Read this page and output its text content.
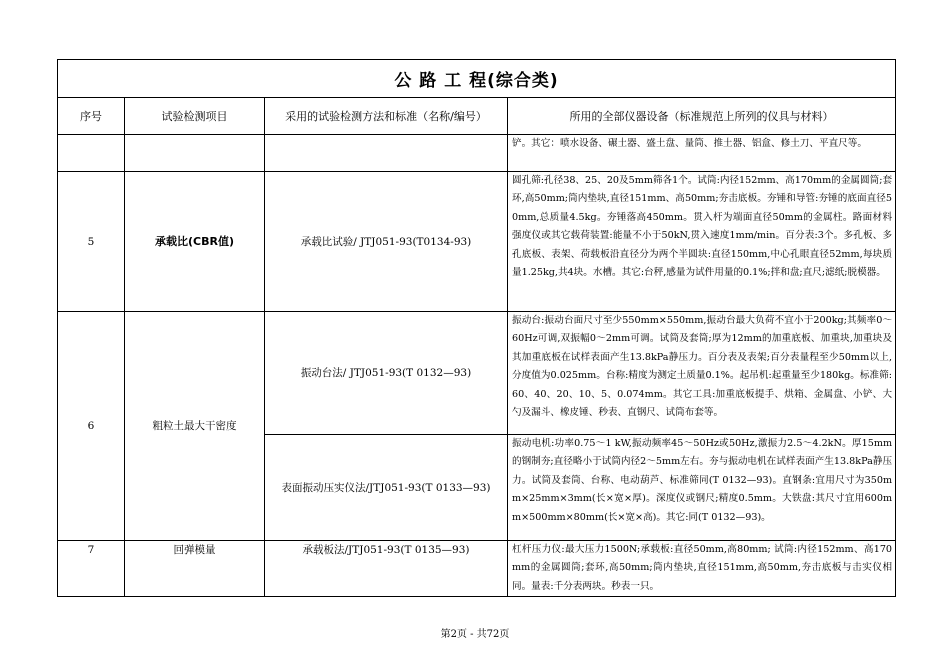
公 路 工 程(综合类)			
序号	试验检测项目	采用的试验检测方法和标准（名称/编号）	所用的全部仪器设备（标准规范上所列的仪具与材料）
			铲。其它：喷水设备、碾土器、盛土盘、量筒、推土器、铝盒、修土刀、平直尺等。
5	承载比(CBR值)	承载比试验/ JTJ051-93(T0134-93)	圆孔筛:孔径38、25、20及5mm筛各1个。试筒:内径152mm、高170mm的金属圆筒;套环,高50mm;筒内垫块,直径151mm、高50mm;夯击底板。夯锤和导管:夯锤的底面直径50mm,总质量4.5kg。夯锤落高450mm。贯入杆为端面直径50mm的金属柱。路面材料强度仪或其它载荷装置:能量不小于50kN,贯入速度1mm/min。百分表:3个。多孔板、多孔底板、表架、荷载板沿直径分为两个半圆块:直径150mm,中心孔眼直径52mm,每块质量1.25kg,共4块。水槽。其它:台秤,感量为试件用量的0.1%;拌和盘;直尺;滤纸;脱模器。
6	粗粒土最大干密度	振动台法/ JTJ051-93(T 0132—93)	振动台:振动台面尺寸至少550mm×550mm,振动台最大负荷不宜小于200kg;其频率0～60Hz可调,双振幅0～2mm可调。试筒及套筒;厚为12mm的加重底板、加重块,加重块及其加重底板在试样表面产生13.8kPa静压力。百分表及表架;百分表量程至少50mm以上,分度值为0.025mm。台称:精度为测定土质量0.1%。起吊机:起重量至少180kg。标准筛:60、40、20、10、5、0.074mm。其它工具:加重底板提手、烘箱、金属盘、小铲、大勺及漏斗、橡皮锤、秒表、直钢尺、试筒布套等。
		表面振动压实仪法/JTJ051-93(T 0133—93)	振动电机:功率0.75～1 kW,振动频率45～50Hz或50Hz,激振力2.5～4.2kN。厚15mm的钢制夯;直径略小于试筒内径2～5mm左右。夯与振动电机在试样表面产生13.8kPa静压力。试筒及套筒、台称、电动葫芦、标准筛同(T 0132—93)。直钢条:宜用尺寸为350mm×25mm×3mm(长×宽×厚)。深度仪或钢尺;精度0.5mm。大铁盘:其尺寸宜用600mm×500mm×80mm(长×宽×高)。其它:同(T 0132—93)。
7	回弹模量	承载板法/JTJ051-93(T 0135—93)	杠杆压力仪:最大压力1500N;承载板:直径50mm,高80mm; 试筒:内径152mm、高170mm的金属圆筒;套环,高50mm;筒内垫块,直径151mm,高50mm,夯击底板与击实仪相同。量表:千分表两块。秒表一只。
第2页 - 共72页
